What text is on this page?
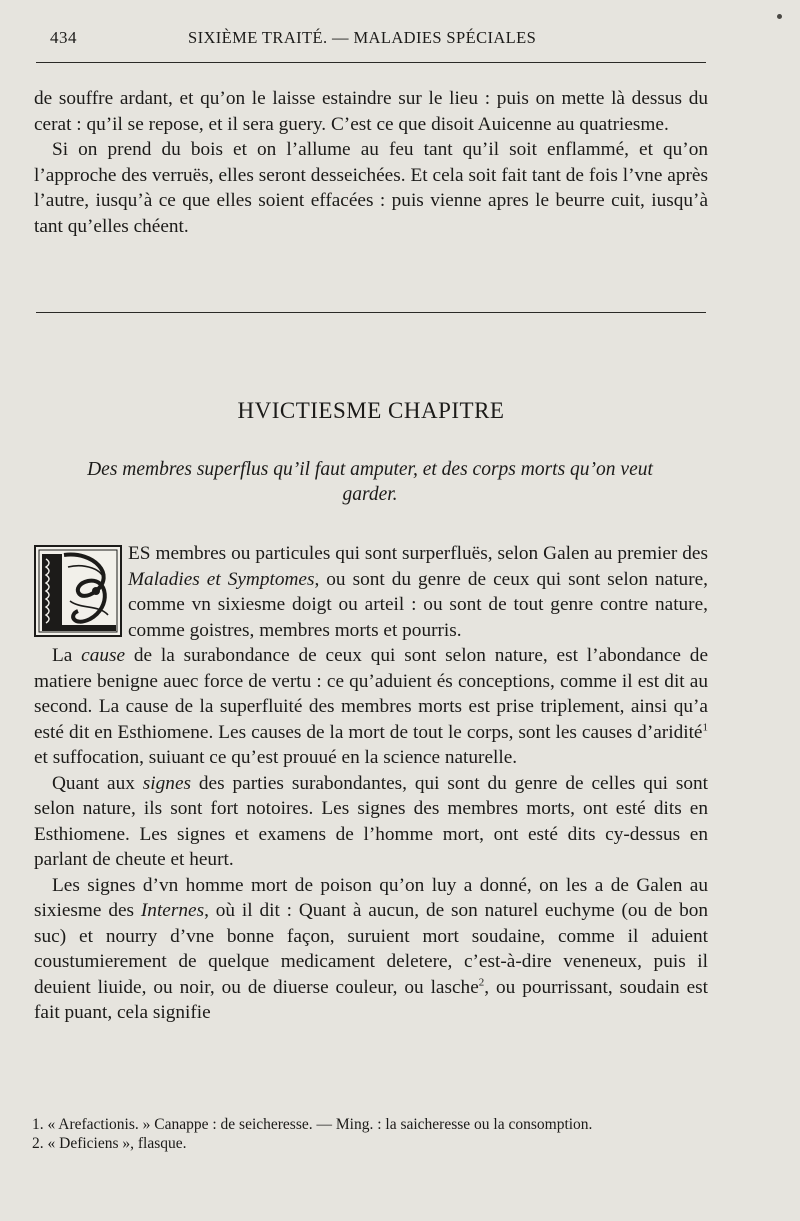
434	SIXIÈME TRAITÉ. — MALADIES SPÉCIALES

de souffre ardant, et qu’on le laisse estaindre sur le lieu : puis on mette là dessus du cerat : qu’il se repose, et il sera guery. C’est ce que disoit Auicenne au quatriesme.

Si on prend du bois et on l’allume au feu tant qu’il soit enflammé, et qu’on l’approche des verruës, elles seront desseichées. Et cela soit fait tant de fois l’vne après l’autre, iusqu’à ce que elles soient effacées : puis vienne apres le beurre cuit, iusqu’à tant qu’elles chéent.

HVICTIESME CHAPITRE
Des membres superflus qu’il faut amputer, et des corps morts qu’on veut garder.

ES membres ou particules qui sont surperfluës, selon Galen au premier des Maladies et Symptomes, ou sont du genre de ceux qui sont selon nature, comme vn sixiesme doigt ou arteil : ou sont de tout genre contre nature, comme goistres, membres morts et pourris.

La cause de la surabondance de ceux qui sont selon nature, est l’abondance de matiere benigne auec force de vertu : ce qu’aduient és conceptions, comme il est dit au second. La cause de la superfluité des membres morts est prise triplement, ainsi qu’a esté dit en Esthiomene. Les causes de la mort de tout le corps, sont les causes d’aridité$^1$ et suffocation, suiuant ce qu’est prouué en la science naturelle.

Quant aux signes des parties surabondantes, qui sont du genre de celles qui sont selon nature, ils sont fort notoires. Les signes des membres morts, ont esté dits en Esthiomene. Les signes et examens de l’homme mort, ont esté dits cy-dessus en parlant de cheute et heurt.

Les signes d’vn homme mort de poison qu’on luy a donné, on les a de Galen au sixiesme des Internes, où il dit : Quant à aucun, de son naturel euchyme (ou de bon suc) et nourry d’vne bonne façon, suruient mort soudaine, comme il aduient coustumierement de quelque medicament deletere, c’est-à-dire veneneux, puis il deuient liuide, ou noir, ou de diuerse couleur, ou lasche$^2$, ou pourrissant, soudain est fait puant, cela signifie

1. « Arefactionis. » Canappe : de seicheresse. — Ming. : la saicheresse ou la consomption.

2. « Deficiens », flasque.
